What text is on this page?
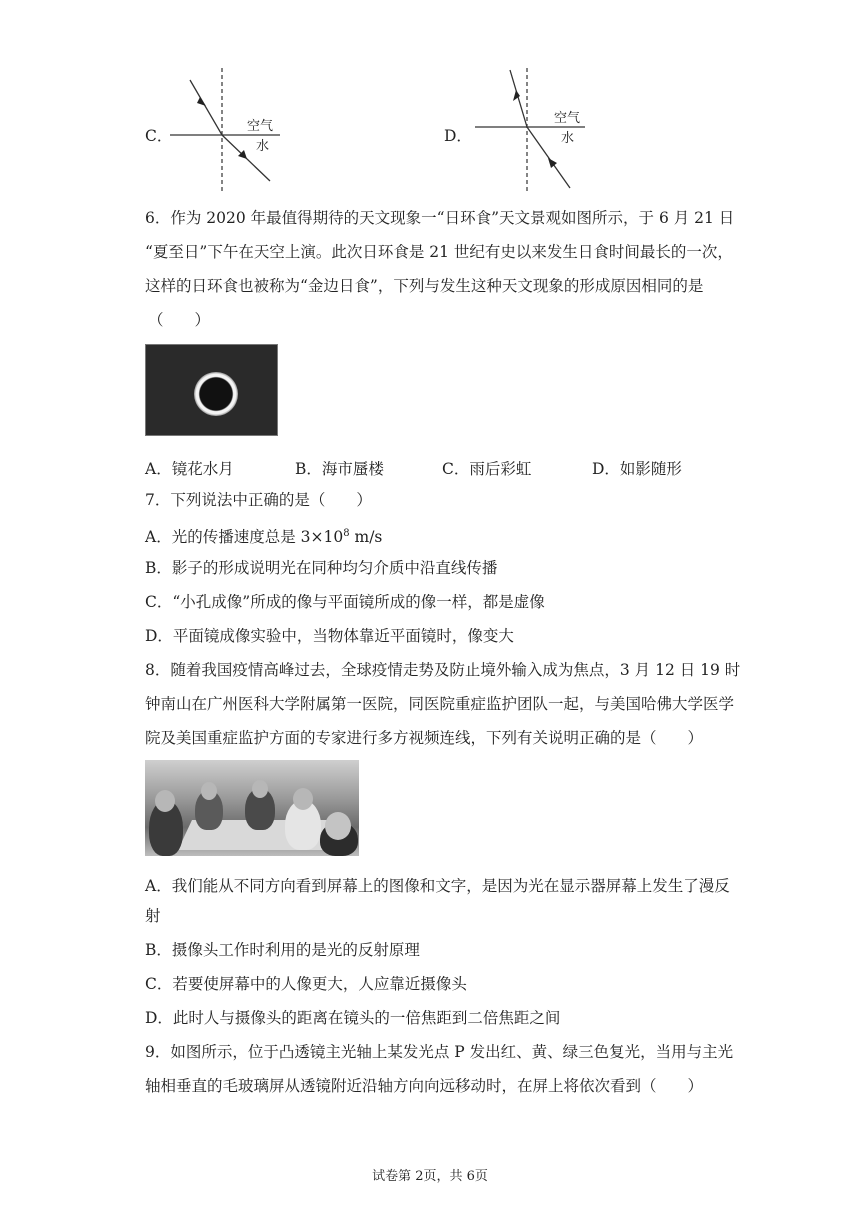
C．
空气
水
D．
空气
水
6．作为 2020 年最值得期待的天文现象一“日环食”天文景观如图所示，于 6 月 21 日
“夏至日”下午在天空上演。此次日环食是 21 世纪有史以来发生日食时间最长的一次，
这样的日环食也被称为“金边日食”，下列与发生这种天文现象的形成原因相同的是
（　　）
A．镜花水月	B．海市蜃楼	C．雨后彩虹	D．如影随形
7．下列说法中正确的是（　　）
A．光的传播速度总是 $3\times 10^8$ m/s
B．影子的形成说明光在同种均匀介质中沿直线传播
C．“小孔成像”所成的像与平面镜所成的像一样，都是虚像
D．平面镜成像实验中，当物体靠近平面镜时，像变大
8．随着我国疫情高峰过去，全球疫情走势及防止境外输入成为焦点，3 月 12 日 19 时
钟南山在广州医科大学附属第一医院，同医院重症监护团队一起，与美国哈佛大学医学
院及美国重症监护方面的专家进行多方视频连线，下列有关说明正确的是（　　）
A．我们能从不同方向看到屏幕上的图像和文字，是因为光在显示器屏幕上发生了漫反
射
B．摄像头工作时利用的是光的反射原理
C．若要使屏幕中的人像更大，人应靠近摄像头
D．此时人与摄像头的距离在镜头的一倍焦距到二倍焦距之间
9．如图所示，位于凸透镜主光轴上某发光点 P 发出红、黄、绿三色复光，当用与主光
轴相垂直的毛玻璃屏从透镜附近沿轴方向向远移动时，在屏上将依次看到（　　）
试卷第 2页，共 6页
